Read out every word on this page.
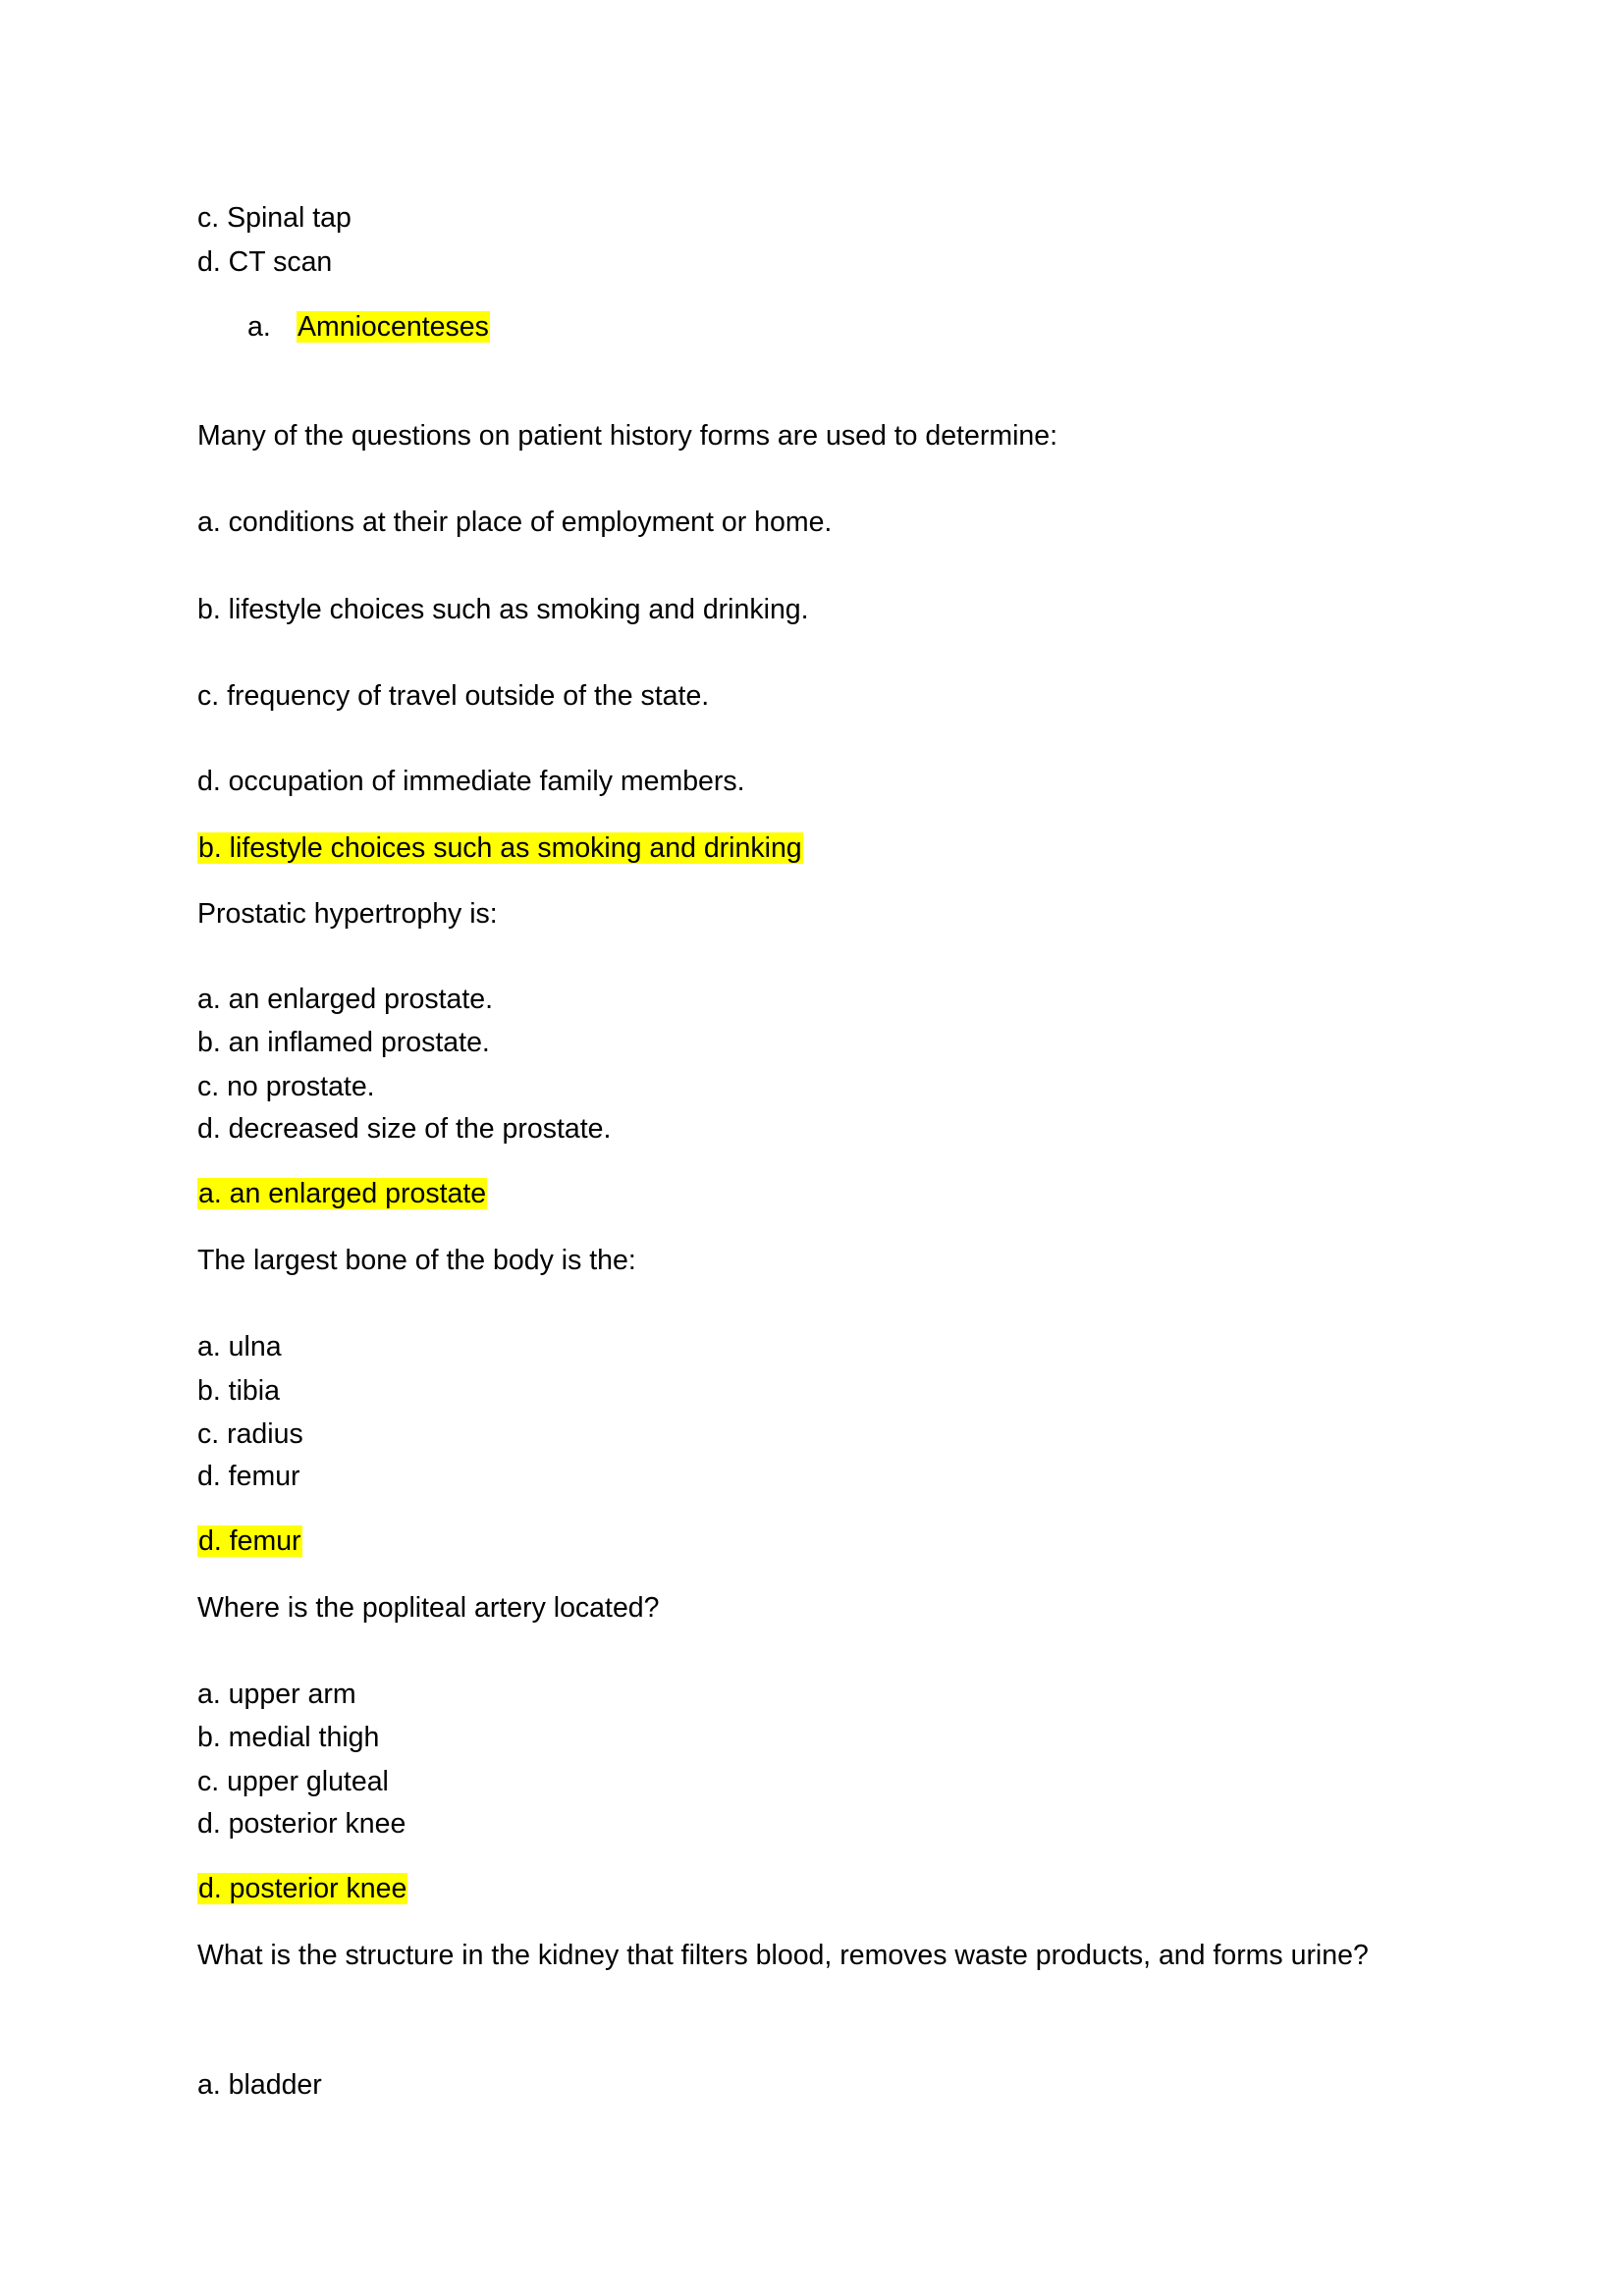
c. Spinal tap
d. CT scan
a. Amniocenteses
Many of the questions on patient history forms are used to determine:
a. conditions at their place of employment or home.
b. lifestyle choices such as smoking and drinking.
c. frequency of travel outside of the state.
d. occupation of immediate family members.
b. lifestyle choices such as smoking and drinking
Prostatic hypertrophy is:
a. an enlarged prostate.
b. an inflamed prostate.
c. no prostate.
d. decreased size of the prostate.
a. an enlarged prostate
The largest bone of the body is the:
a. ulna
b. tibia
c. radius
d. femur
d. femur
Where is the popliteal artery located?
a. upper arm
b. medial thigh
c. upper gluteal
d. posterior knee
d. posterior knee
What is the structure in the kidney that filters blood, removes waste products, and forms urine?
a. bladder
